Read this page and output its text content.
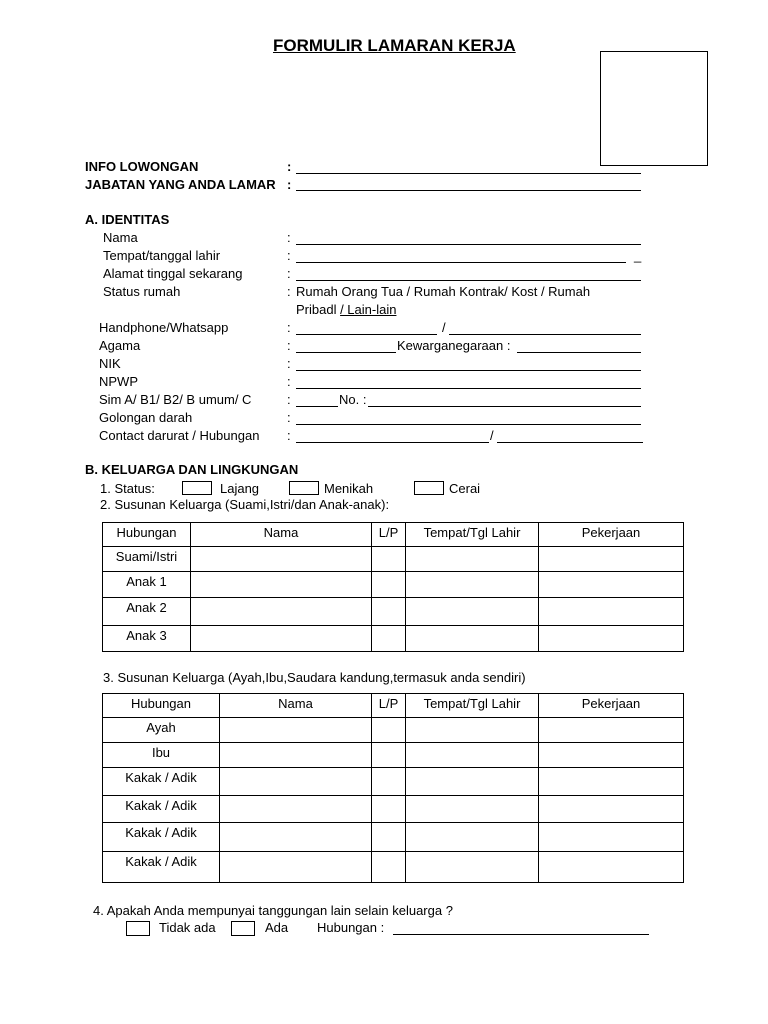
FORMULIR LAMARAN KERJA
INFO LOWONGAN	:
JABATAN YANG ANDA LAMAR :
A. IDENTITAS
Nama	:
Tempat/tanggal lahir	:	_
Alamat tinggal sekarang	:
Status rumah	: Rumah Orang Tua / Rumah Kontrak/ Kost / Rumah
Pribadl / Lain-lain
Handphone/Whatsapp	:	/
Agama	:	Kewarganegaraan :
NIK	:
NPWP	:
Sim A/ B1/ B2/ B umum/ C	:	No. :
Golongan darah	:
Contact darurat / Hubungan :	/
B. KELUARGA DAN LINGKUNGAN
1. Status:	Lajang	Menikah	Cerai
2. Susunan Keluarga (Suami,Istri/dan Anak-anak):
Hubungan	Nama	L/P	Tempat/Tgl Lahir	Pekerjaan
Suami/Istri				
Anak 1				
Anak 2				
Anak 3				
3. Susunan Keluarga (Ayah,Ibu,Saudara kandung,termasuk anda sendiri)
Hubungan	Nama	L/P	Tempat/Tgl Lahir	Pekerjaan
Ayah				
Ibu				
Kakak / Adik				
Kakak / Adik				
Kakak / Adik				
Kakak / Adik				
4. Apakah Anda mempunyai tanggungan lain selain keluarga ?
Tidak ada	Ada Hubungan :
